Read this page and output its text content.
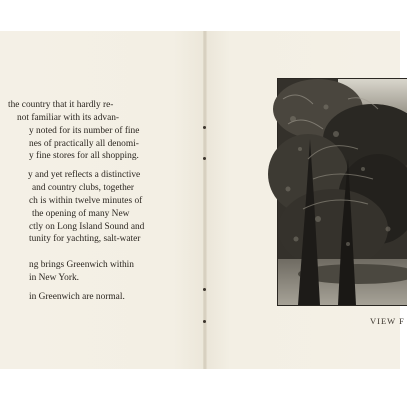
the country that it hardly re-
not familiar with its advan-
y noted for its number of fine
nes of practically all denomi-
y fine stores for all shopping.
y and yet reflects a distinctive
and country clubs, together
ch is within twelve minutes of
the opening of many New
ctly on Long Island Sound and
tunity for yachting, salt-water
ng brings Greenwich within
in New York.
in Greenwich are normal.
VIEW F
